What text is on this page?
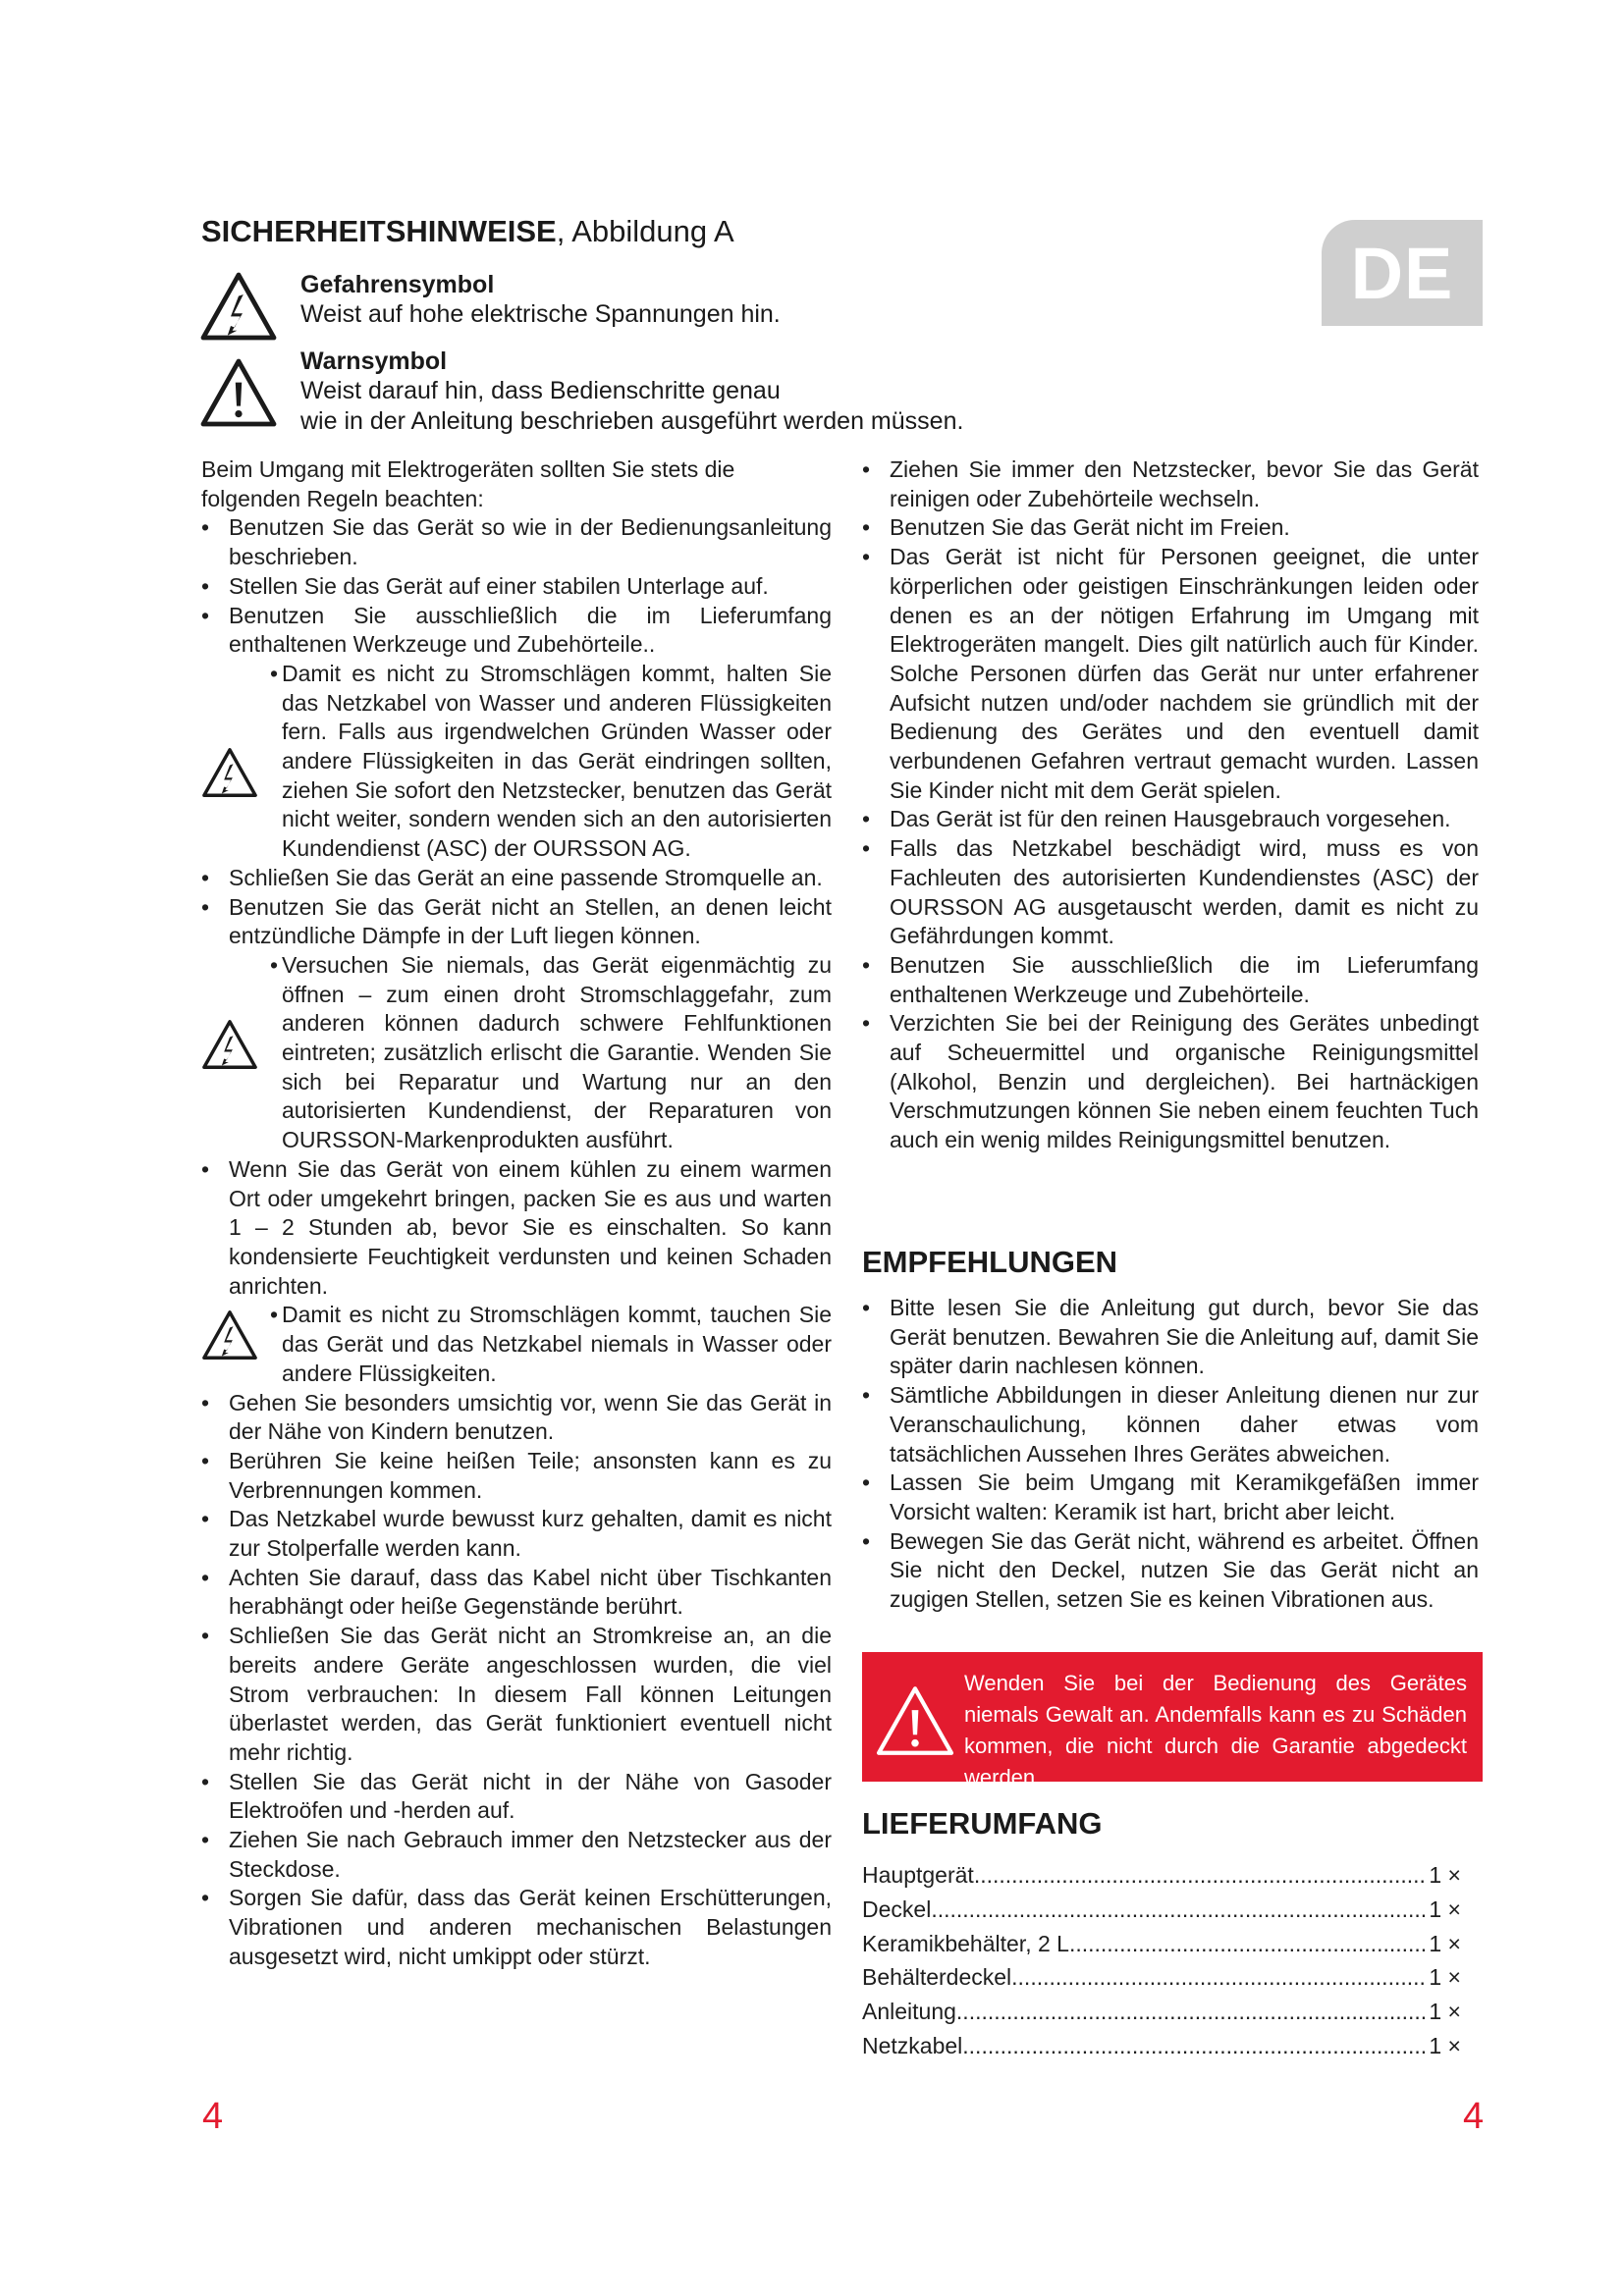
SICHERHEITSHINWEISE, Abbildung A
DE
Gefahrensymbol
Weist auf hohe elektrische Spannungen hin.
Warnsymbol
Weist darauf hin, dass Bedienschritte genau
wie in der Anleitung beschrieben ausgeführt werden müssen.

Beim Umgang mit Elektrogeräten sollten Sie stets die folgenden Regeln beachten:

• Benutzen Sie das Gerät so wie in der Bedienungsanleitung beschrieben.

• Stellen Sie das Gerät auf einer stabilen Unterlage auf.

• Benutzen Sie ausschließlich die im Lieferumfang enthaltenen Werkzeuge und Zubehörteile..

• Damit es nicht zu Stromschlägen kommt, halten Sie das Netzkabel von Wasser und anderen Flüssigkeiten fern. Falls aus irgendwelchen Gründen Wasser oder andere Flüssigkeiten in das Gerät eindringen sollten, ziehen Sie sofort den Netzstecker, benutzen das Gerät nicht weiter, sondern wenden sich an den autorisierten Kundendienst (ASC) der OURSSON AG.

• Schließen Sie das Gerät an eine passende Stromquelle an.

• Benutzen Sie das Gerät nicht an Stellen, an denen leicht entzündliche Dämpfe in der Luft liegen können.

• Versuchen Sie niemals, das Gerät eigenmächtig zu öffnen – zum einen droht Stromschlaggefahr, zum anderen können dadurch schwere Fehlfunktionen eintreten; zusätzlich erlischt die Garantie. Wenden Sie sich bei Reparatur und Wartung nur an den autorisierten Kundendienst, der Reparaturen von OURSSON-Markenprodukten ausführt.

• Wenn Sie das Gerät von einem kühlen zu einem warmen Ort oder umgekehrt bringen, packen Sie es aus und warten 1 – 2 Stunden ab, bevor Sie es einschalten. So kann kondensierte Feuchtigkeit verdunsten und keinen Schaden anrichten.

• Damit es nicht zu Stromschlägen kommt, tauchen Sie das Gerät und das Netzkabel niemals in Wasser oder andere Flüssigkeiten.

• Gehen Sie besonders umsichtig vor, wenn Sie das Gerät in der Nähe von Kindern benutzen.

• Berühren Sie keine heißen Teile; ansonsten kann es zu Verbrennungen kommen.

• Das Netzkabel wurde bewusst kurz gehalten, damit es nicht zur Stolperfalle werden kann.

• Achten Sie darauf, dass das Kabel nicht über Tischkanten herabhängt oder heiße Gegenstände berührt.

• Schließen Sie das Gerät nicht an Stromkreise an, an die bereits andere Geräte angeschlossen wurden, die viel Strom verbrauchen: In diesem Fall können Leitungen überlastet werden, das Gerät funktioniert eventuell nicht mehr richtig.

• Stellen Sie das Gerät nicht in der Nähe von Gasoder Elektroöfen und -herden auf.

• Ziehen Sie nach Gebrauch immer den Netzstecker aus der Steckdose.

• Sorgen Sie dafür, dass das Gerät keinen Erschütterungen, Vibrationen und anderen mechanischen Belastungen ausgesetzt wird, nicht umkippt oder stürzt.

• Ziehen Sie immer den Netzstecker, bevor Sie das Gerät reinigen oder Zubehörteile wechseln.

• Benutzen Sie das Gerät nicht im Freien.

• Das Gerät ist nicht für Personen geeignet, die unter körperlichen oder geistigen Einschränkungen leiden oder denen es an der nötigen Erfahrung im Umgang mit Elektrogeräten mangelt. Dies gilt natürlich auch für Kinder. Solche Personen dürfen das Gerät nur unter erfahrener Aufsicht nutzen und/oder nachdem sie gründlich mit der Bedienung des Gerätes und den eventuell damit verbundenen Gefahren vertraut gemacht wurden. Lassen Sie Kinder nicht mit dem Gerät spielen.

• Das Gerät ist für den reinen Hausgebrauch vorgesehen.

• Falls das Netzkabel beschädigt wird, muss es von Fachleuten des autorisierten Kundendienstes (ASC) der OURSSON AG ausgetauscht werden, damit es nicht zu Gefährdungen kommt.

• Benutzen Sie ausschließlich die im Lieferumfang enthaltenen Werkzeuge und Zubehörteile.

• Verzichten Sie bei der Reinigung des Gerätes unbedingt auf Scheuermittel und organische Reinigungsmittel (Alkohol, Benzin und dergleichen). Bei hartnäckigen Verschmutzungen können Sie neben einem feuchten Tuch auch ein wenig mildes Reinigungsmittel benutzen.

EMPFEHLUNGEN

• Bitte lesen Sie die Anleitung gut durch, bevor Sie das Gerät benutzen. Bewahren Sie die Anleitung auf, damit Sie später darin nachlesen können.

• Sämtliche Abbildungen in dieser Anleitung dienen nur zur Veranschaulichung, können daher etwas vom tatsächlichen Aussehen Ihres Gerätes abweichen.

• Lassen Sie beim Umgang mit Keramikgefäßen immer Vorsicht walten: Keramik ist hart, bricht aber leicht.

• Bewegen Sie das Gerät nicht, während es arbeitet. Öffnen Sie nicht den Deckel, nutzen Sie das Gerät nicht an zugigen Stellen, setzen Sie es keinen Vibrationen aus.

Wenden Sie bei der Bedienung des Gerätes niemals Gewalt an. Andemfalls kann es zu Schäden kommen, die nicht durch die Garantie abgedeckt werden.
LIEFERUMFANG
Hauptgerät .....	1 ×
Deckel .....	1 ×
Keramikbehälter, 2 L .....	1 ×
Behälterdeckel .....	1 ×
Anleitung .....	1 ×
Netzkabel .....	1 ×
4	4
